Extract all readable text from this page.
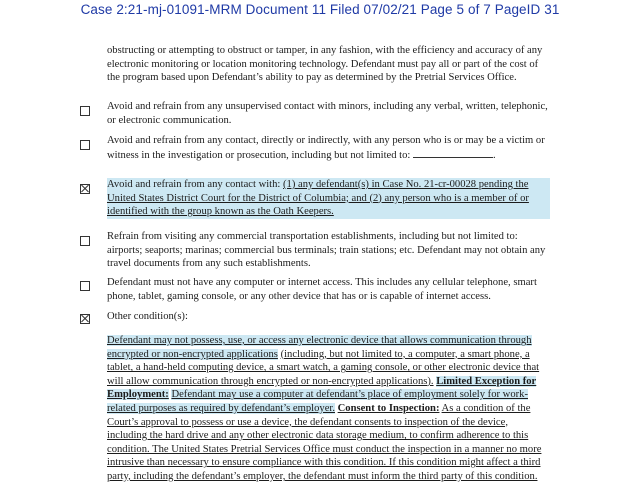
Case 2:21-mj-01091-MRM Document 11 Filed 07/02/21 Page 5 of 7 PageID 31
obstructing or attempting to obstruct or tamper, in any fashion, with the efficiency and accuracy of any electronic monitoring or location monitoring technology. Defendant must pay all or part of the cost of the program based upon Defendant’s ability to pay as determined by the Pretrial Services Office.
Avoid and refrain from any unsupervised contact with minors, including any verbal, written, telephonic, or electronic communication.
Avoid and refrain from any contact, directly or indirectly, with any person who is or may be a victim or witness in the investigation or prosecution, including but not limited to:	.
Avoid and refrain from any contact with: (1) any defendant(s) in Case No. 21-cr-00028 pending the United States District Court for the District of Columbia; and (2) any person who is a member of or identified with the group known as the Oath Keepers.
Refrain from visiting any commercial transportation establishments, including but not limited to: airports; seaports; marinas; commercial bus terminals; train stations; etc. Defendant may not obtain any travel documents from any such establishments.
Defendant must not have any computer or internet access. This includes any cellular telephone, smart phone, tablet, gaming console, or any other device that has or is capable of internet access.
Other condition(s):
Defendant may not possess, use, or access any electronic device that allows communication through encrypted or non-encrypted applications (including, but not limited to, a computer, a smart phone, a tablet, a hand-held computing device, a smart watch, a gaming console, or other electronic device that will allow communication through encrypted or non-encrypted applications). Limited Exception for Employment: Defendant may use a computer at defendant’s place of employment solely for work-related purposes as required by defendant’s employer. Consent to Inspection: As a condition of the Court’s approval to possess or use a device, the defendant consents to inspection of the device, including the hard drive and any other electronic data storage medium, to confirm adherence to this condition. The United States Pretrial Services Office must conduct the inspection in a manner no more intrusive than necessary to ensure compliance with this condition. If this condition might affect a third party, including the defendant’s employer, the defendant must inform the third party of this condition.
